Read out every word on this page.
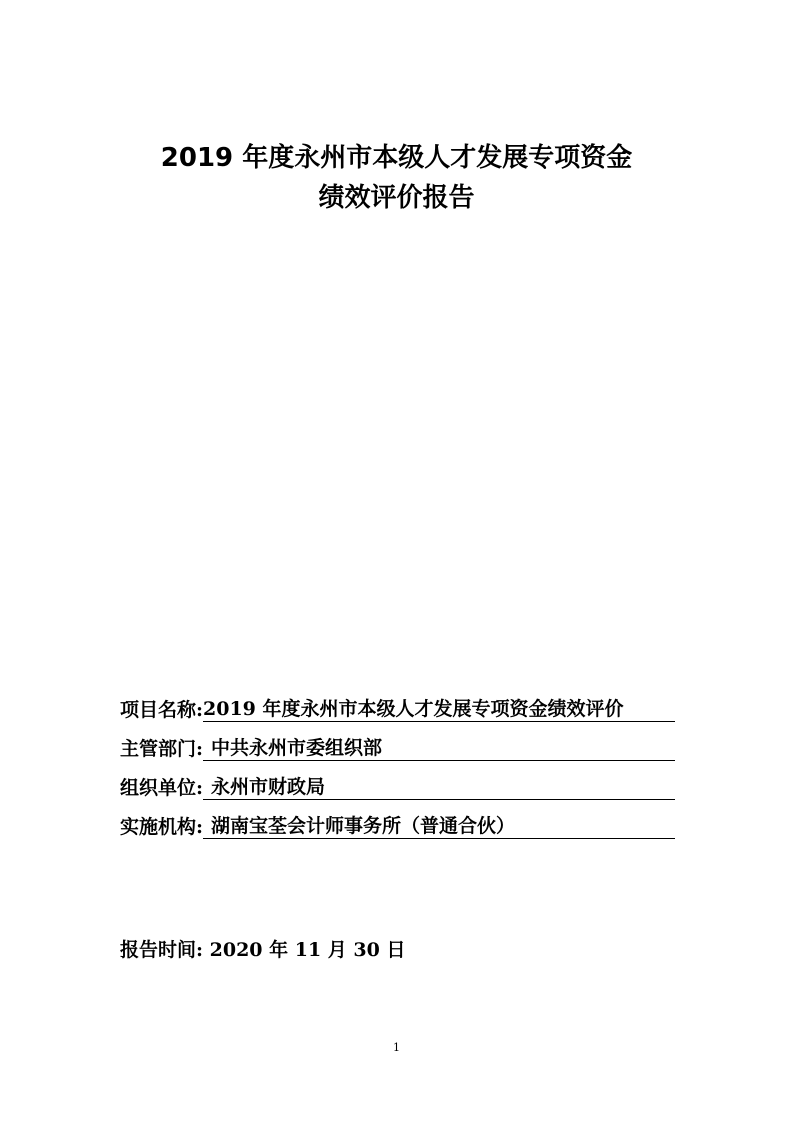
2019 年度永州市本级人才发展专项资金
绩效评价报告
项目名称: 2019 年度永州市本级人才发展专项资金绩效评价
主管部门: 中共永州市委组织部
组织单位: 永州市财政局
实施机构: 湖南宝荃会计师事务所（普通合伙）
报告时间: 2020 年 11 月 30 日
1
